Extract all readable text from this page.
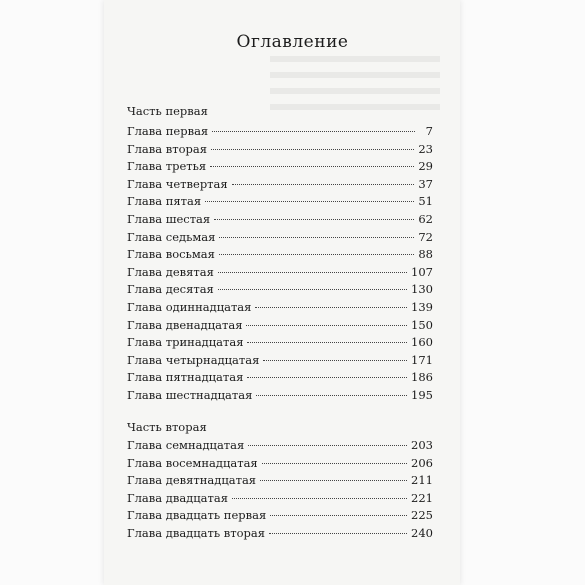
Оглавление
Часть первая
Глава первая	7
Глава вторая	23
Глава третья	29
Глава четвертая	37
Глава пятая	51
Глава шестая	62
Глава седьмая	72
Глава восьмая	88
Глава девятая	107
Глава десятая	130
Глава одиннадцатая	139
Глава двенадцатая	150
Глава тринадцатая	160
Глава четырнадцатая	171
Глава пятнадцатая	186
Глава шестнадцатая	195
Часть вторая
Глава семнадцатая	203
Глава восемнадцатая	206
Глава девятнадцатая	211
Глава двадцатая	221
Глава двадцать первая	225
Глава двадцать вторая	240
